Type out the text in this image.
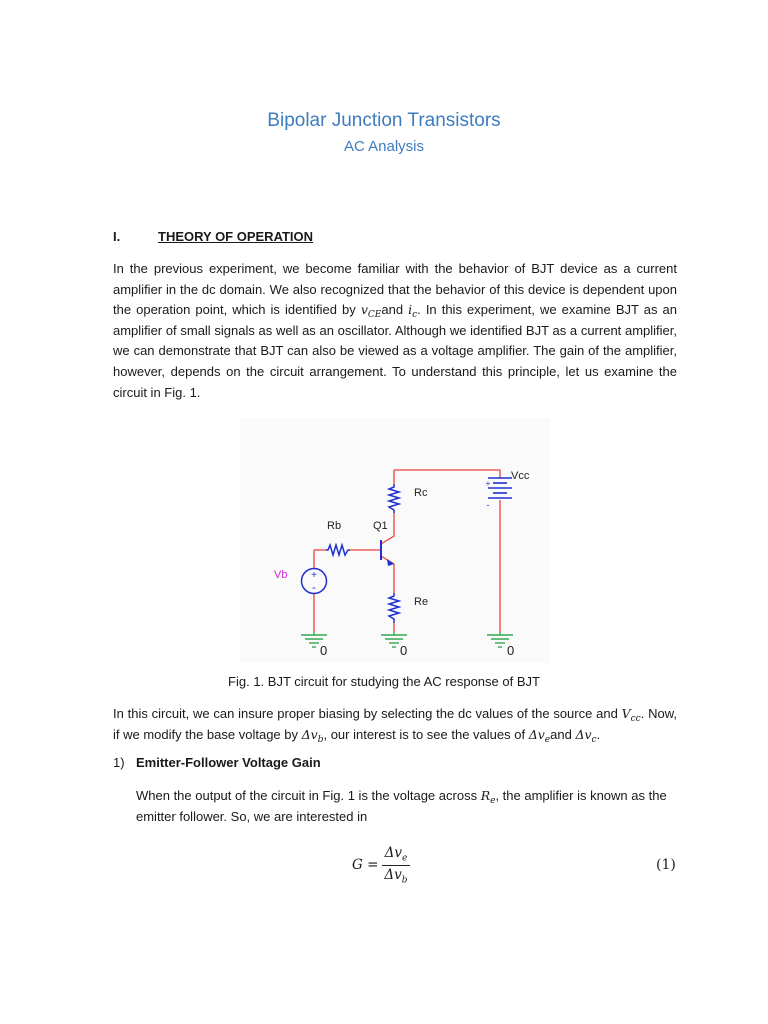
Bipolar Junction Transistors
AC Analysis
I.	THEORY OF OPERATION
In the previous experiment, we become familiar with the behavior of BJT device as a current amplifier in the dc domain. We also recognized that the behavior of this device is dependent upon the operation point, which is identified by $v_{CE}and$ $i_c$. In this experiment, we examine BJT as an amplifier of small signals as well as an oscillator. Although we identified BJT as a current amplifier, we can demonstrate that BJT can also be viewed as a voltage amplifier. The gain of the amplifier, however, depends on the circuit arrangement. To understand this principle, let us examine the circuit in Fig. 1.
+
-
+
-
Vcc
Rc
Rb	Q1
Vb
Re
0	0	0
Fig. 1. BJT circuit for studying the AC response of BJT
In this circuit, we can insure proper biasing by selecting the dc values of the source and $V_{cc}$. Now, if we modify the base voltage by $\Delta v_b$, our interest is to see the values of $\Delta v_eand$ $\Delta v_c$.
1) Emitter-Follower Voltage Gain
When the output of the circuit in Fig. 1 is the voltage across $R_e$, the amplifier is known as the emitter follower. So, we are interested in
G =	$\Delta v_e$
$\Delta v_b$
(1)
